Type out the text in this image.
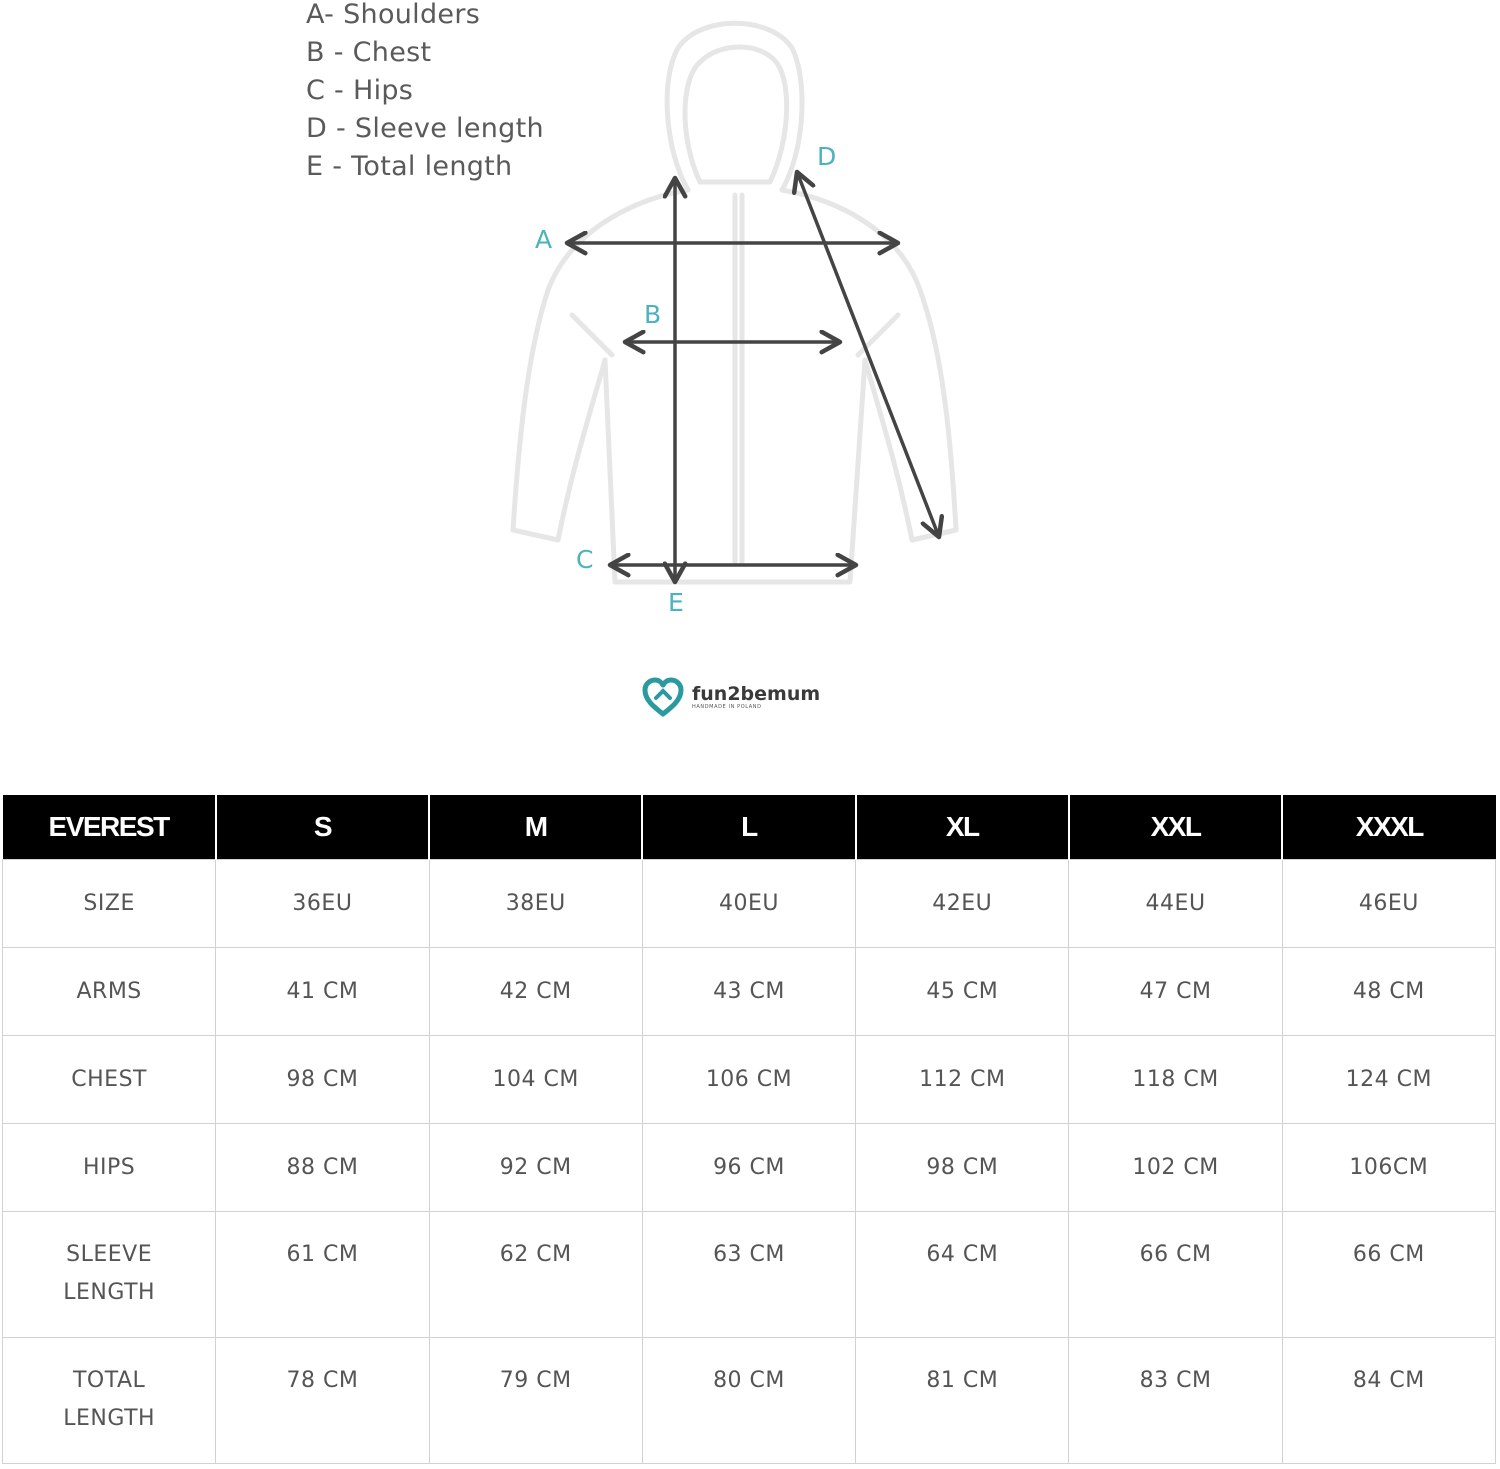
A- Shoulders
B - Chest
C - Hips
D - Sleeve length
E - Total length
A
B
C
D
E
fun2bemum
HANDMADE IN POLAND
EVEREST	S	M	L	XL	XXL	XXXL
SIZE	36EU	38EU	40EU	42EU	44EU	46EU
ARMS	41 CM	42 CM	43 CM	45 CM	47 CM	48 CM
CHEST	98 CM	104 CM	106 CM	112 CM	118 CM	124 CM
HIPS	88 CM	92 CM	96 CM	98 CM	102 CM	106CM

SLEEVE
LENGTH	61 CM	62 CM	63 CM	64 CM	66 CM	66 CM

TOTAL
LENGTH	78 CM	79 CM	80 CM	81 CM	83 CM	84 CM
